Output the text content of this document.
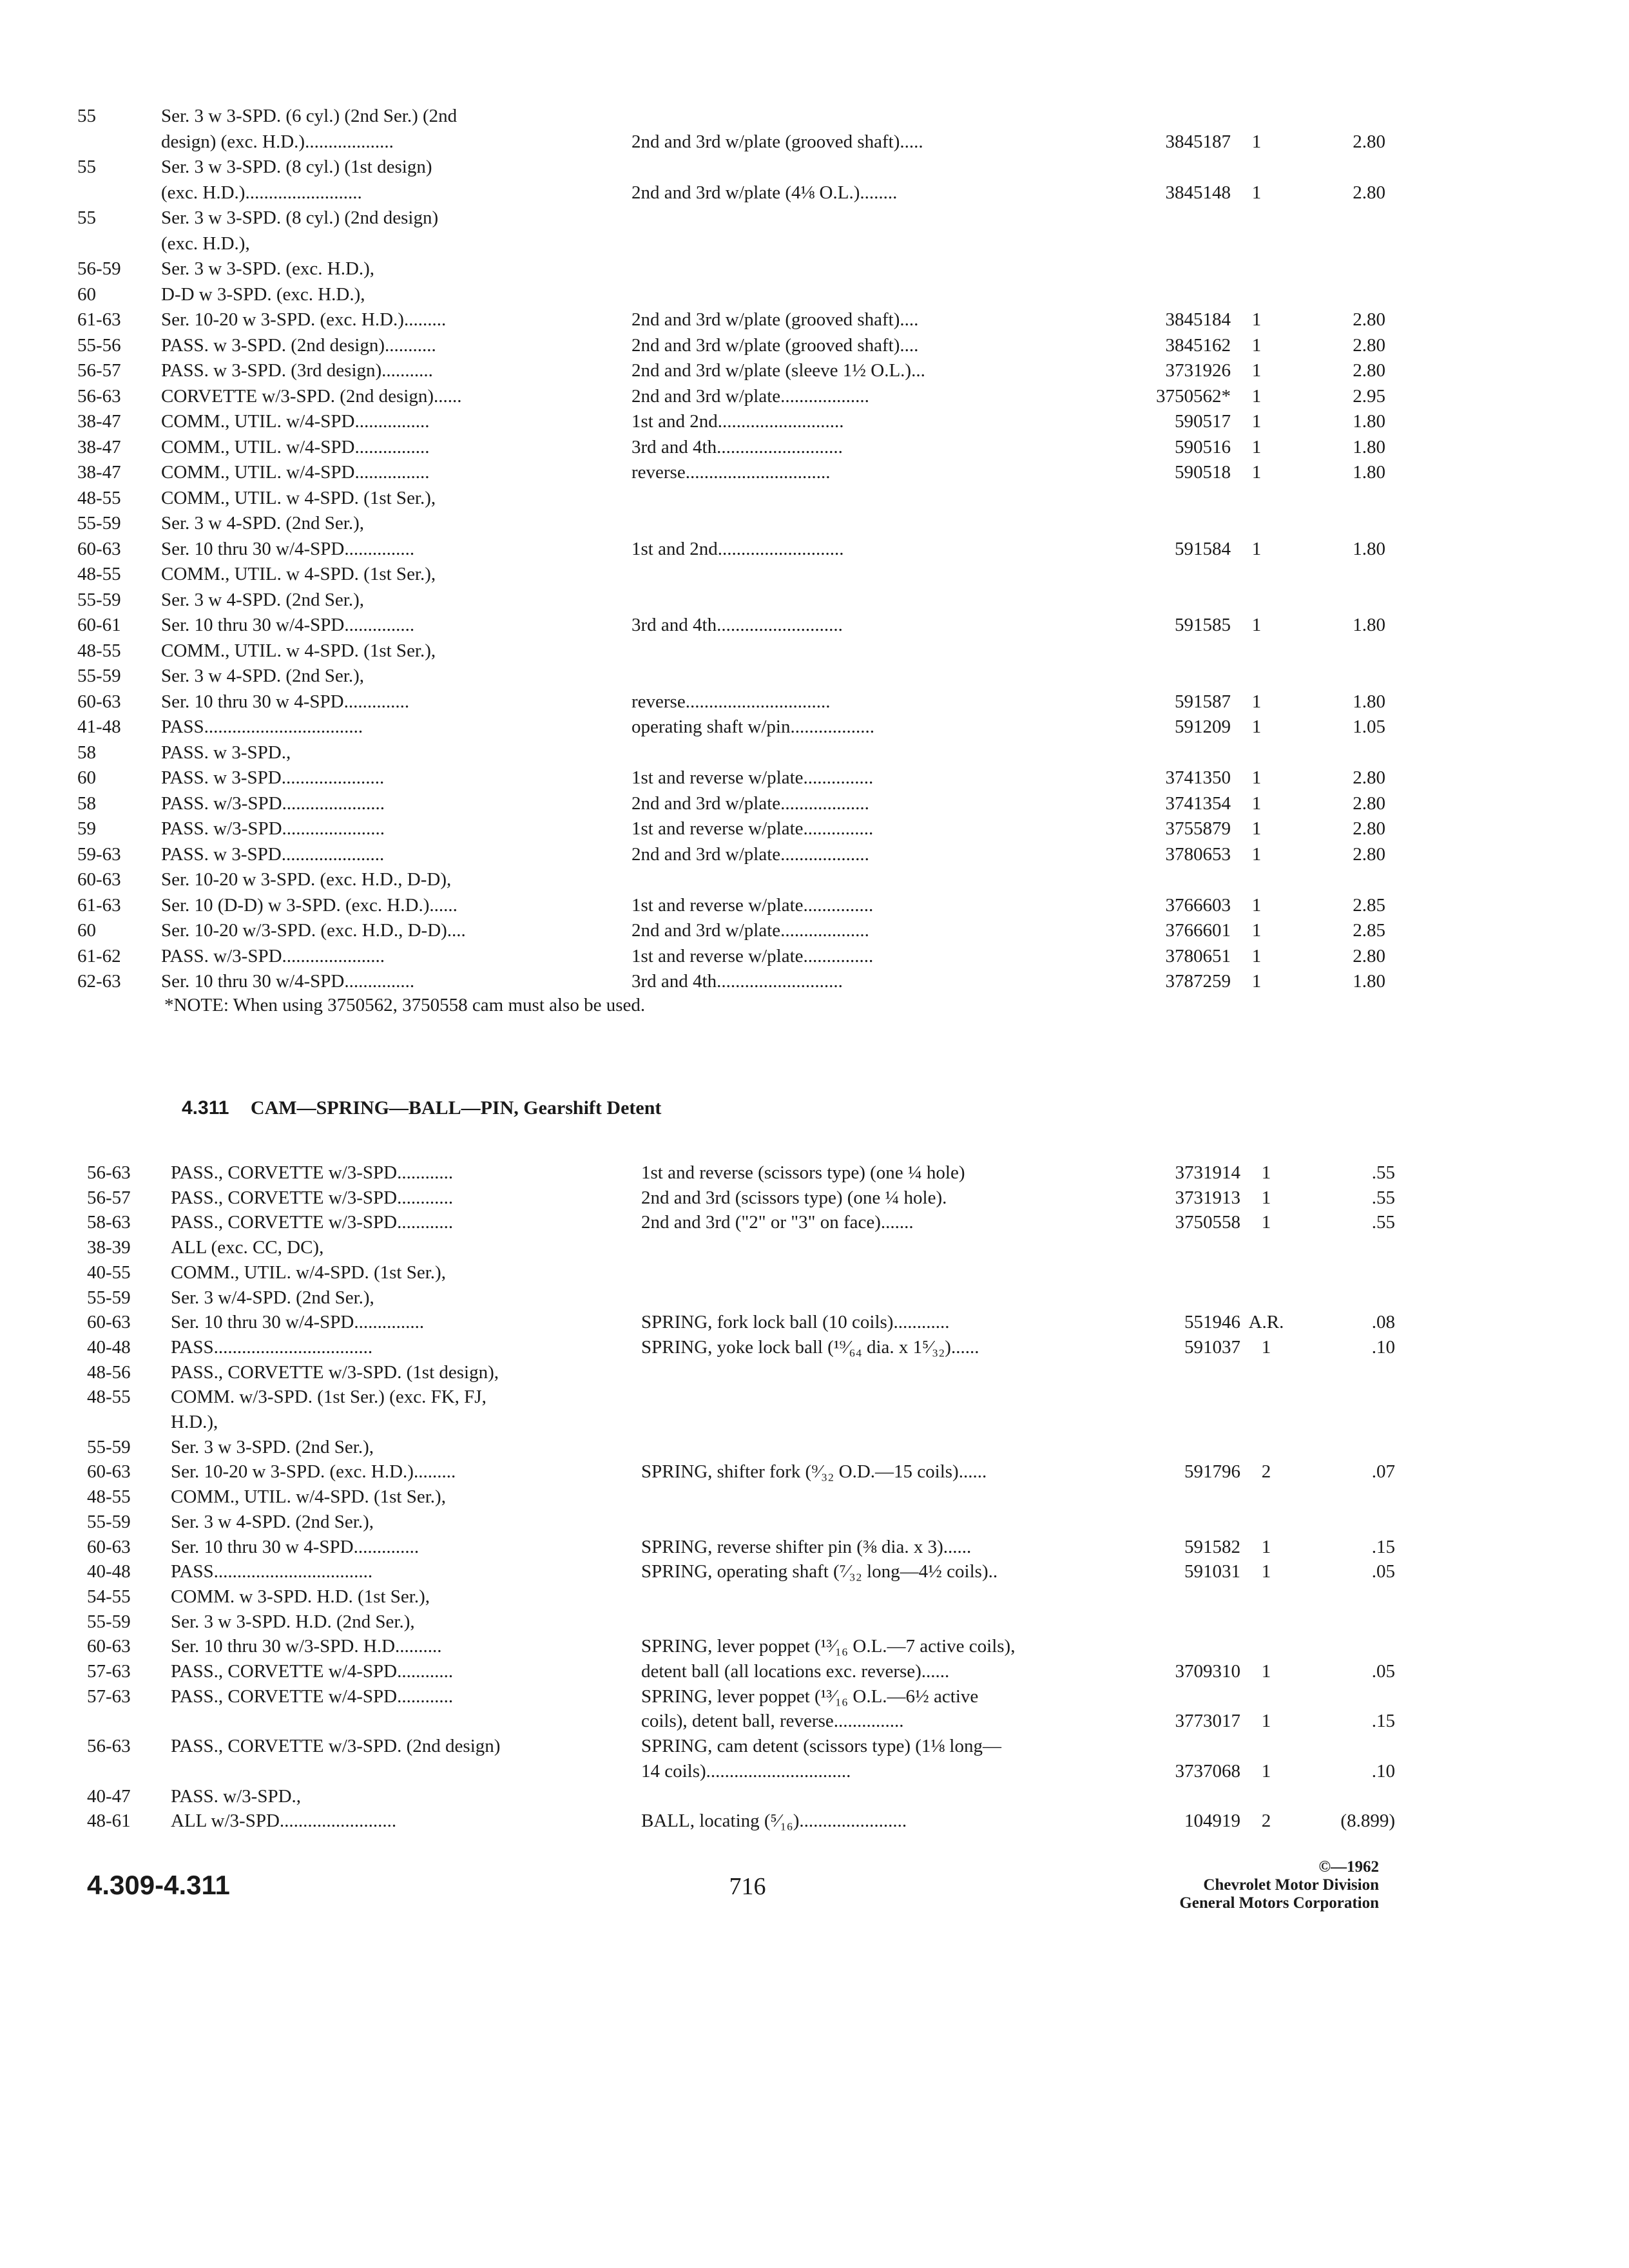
55	Ser. 3 w 3-SPD. (6 cyl.) (2nd Ser.) (2nd
design) (exc. H.D.)...................	2nd and 3rd w/plate (grooved shaft).....	3845187	1	2.80
55	Ser. 3 w 3-SPD. (8 cyl.) (1st design)
(exc. H.D.).........................	2nd and 3rd w/plate (4⅛ O.L.)........	3845148	1	2.80
55	Ser. 3 w 3-SPD. (8 cyl.) (2nd design)
(exc. H.D.),
56-59	Ser. 3 w 3-SPD. (exc. H.D.),
60	D-D w 3-SPD. (exc. H.D.),
61-63	Ser. 10-20 w 3-SPD. (exc. H.D.).........	2nd and 3rd w/plate (grooved shaft)....	3845184	1	2.80
55-56	PASS. w 3-SPD. (2nd design)...........	2nd and 3rd w/plate (grooved shaft)....	3845162	1	2.80
56-57	PASS. w 3-SPD. (3rd design)...........	2nd and 3rd w/plate (sleeve 1½ O.L.)...	3731926	1	2.80
56-63	CORVETTE w/3-SPD. (2nd design)......	2nd and 3rd w/plate...................	3750562*	1	2.95
38-47	COMM., UTIL. w/4-SPD................	1st and 2nd...........................	590517	1	1.80
38-47	COMM., UTIL. w/4-SPD................	3rd and 4th...........................	590516	1	1.80
38-47	COMM., UTIL. w/4-SPD................	reverse...............................	590518	1	1.80
48-55	COMM., UTIL. w 4-SPD. (1st Ser.),
55-59	Ser. 3 w 4-SPD. (2nd Ser.),
60-63	Ser. 10 thru 30 w/4-SPD...............	1st and 2nd...........................	591584	1	1.80
48-55	COMM., UTIL. w 4-SPD. (1st Ser.),
55-59	Ser. 3 w 4-SPD. (2nd Ser.),
60-61	Ser. 10 thru 30 w/4-SPD...............	3rd and 4th...........................	591585	1	1.80
48-55	COMM., UTIL. w 4-SPD. (1st Ser.),
55-59	Ser. 3 w 4-SPD. (2nd Ser.),
60-63	Ser. 10 thru 30 w 4-SPD..............	reverse...............................	591587	1	1.80
41-48	PASS..................................	operating shaft w/pin..................	591209	1	1.05
58	PASS. w 3-SPD.,
60	PASS. w 3-SPD......................	1st and reverse w/plate...............	3741350	1	2.80
58	PASS. w/3-SPD......................	2nd and 3rd w/plate...................	3741354	1	2.80
59	PASS. w/3-SPD......................	1st and reverse w/plate...............	3755879	1	2.80
59-63	PASS. w 3-SPD......................	2nd and 3rd w/plate...................	3780653	1	2.80
60-63	Ser. 10-20 w 3-SPD. (exc. H.D., D-D),
61-63	Ser. 10 (D-D) w 3-SPD. (exc. H.D.)......	1st and reverse w/plate...............	3766603	1	2.85
60	Ser. 10-20 w/3-SPD. (exc. H.D., D-D)....	2nd and 3rd w/plate...................	3766601	1	2.85
61-62	PASS. w/3-SPD......................	1st and reverse w/plate...............	3780651	1	2.80
62-63	Ser. 10 thru 30 w/4-SPD...............	3rd and 4th...........................	3787259	1	1.80
*NOTE: When using 3750562, 3750558 cam must also be used.
4.311 CAM—SPRING—BALL—PIN, Gearshift Detent
56-63	PASS., CORVETTE w/3-SPD............	1st and reverse (scissors type) (one ¼ hole)	3731914	1	.55
56-57	PASS., CORVETTE w/3-SPD............	2nd and 3rd (scissors type) (one ¼ hole).	3731913	1	.55
58-63	PASS., CORVETTE w/3-SPD............	2nd and 3rd ("2" or "3" on face).......	3750558	1	.55
38-39	ALL (exc. CC, DC),
40-55	COMM., UTIL. w/4-SPD. (1st Ser.),
55-59	Ser. 3 w/4-SPD. (2nd Ser.),
60-63	Ser. 10 thru 30 w/4-SPD...............	SPRING, fork lock ball (10 coils)............	551946 A.R.	.08
40-48	PASS..................................	SPRING, yoke lock ball (¹⁹⁄₆₄ dia. x 1⁵⁄₃₂)......	591037	1	.10
48-56	PASS., CORVETTE w/3-SPD. (1st design),
48-55	COMM. w/3-SPD. (1st Ser.) (exc. FK, FJ,
H.D.),
55-59	Ser. 3 w 3-SPD. (2nd Ser.),
60-63	Ser. 10-20 w 3-SPD. (exc. H.D.).........	SPRING, shifter fork (⁹⁄₃₂ O.D.—15 coils)......	591796	2	.07
48-55	COMM., UTIL. w/4-SPD. (1st Ser.),
55-59	Ser. 3 w 4-SPD. (2nd Ser.),
60-63	Ser. 10 thru 30 w 4-SPD..............	SPRING, reverse shifter pin (⅜ dia. x 3)......	591582	1	.15
40-48	PASS..................................	SPRING, operating shaft (⁷⁄₃₂ long—4½ coils)..	591031	1	.05
54-55	COMM. w 3-SPD. H.D. (1st Ser.),
55-59	Ser. 3 w 3-SPD. H.D. (2nd Ser.),
60-63	Ser. 10 thru 30 w/3-SPD. H.D..........	SPRING, lever poppet (¹³⁄₁₆ O.L.—7 active coils),
57-63	PASS., CORVETTE w/4-SPD............	detent ball (all locations exc. reverse)......	3709310	1	.05
57-63	PASS., CORVETTE w/4-SPD............	SPRING, lever poppet (¹³⁄₁₆ O.L.—6½ active
coils), detent ball, reverse...............	3773017	1	.15
56-63	PASS., CORVETTE w/3-SPD. (2nd design)	SPRING, cam detent (scissors type) (1⅛ long—
14 coils)...............................	3737068	1	.10
40-47	PASS. w/3-SPD.,
48-61	ALL w/3-SPD.........................	BALL, locating (⁵⁄₁₆).......................	104919	2	(8.899)
4.309-4.311	716
©—1962
Chevrolet Motor Division
General Motors Corporation
